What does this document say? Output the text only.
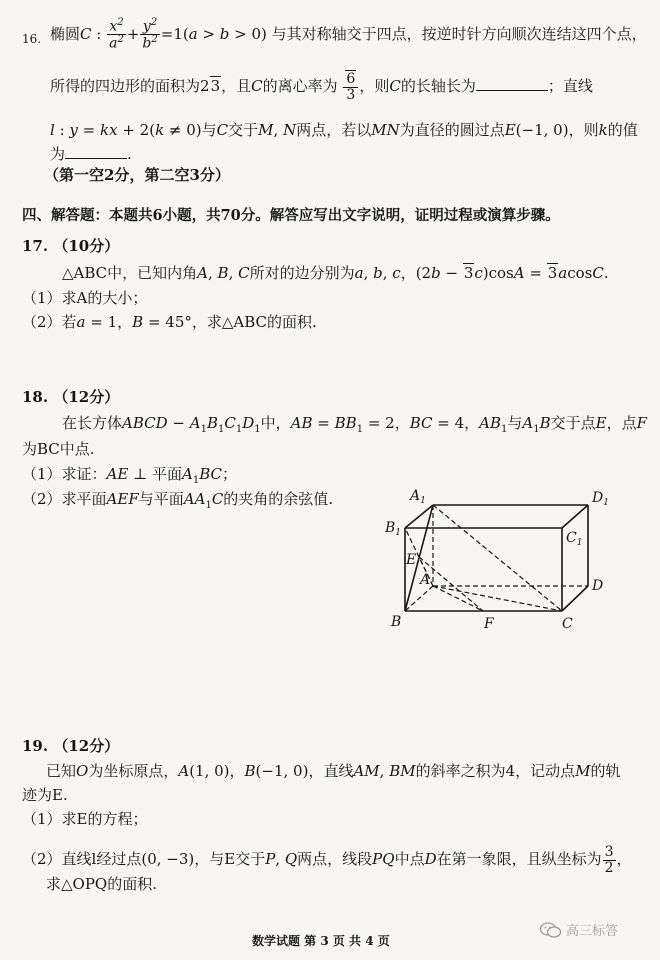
16. 椭圆C : $\frac{x^2}{a^2} + \frac{y^2}{b^2} =1(a > b > 0)$ 与其对称轴交于四点，按逆时针方向顺次连结这四个点，
所得的四边形的面积为23，且C的离心率为 $\frac{6}{3}$ ，则C的长轴长为	；直线
l : y = kx + 2(k ≠ 0)与C交于M, N两点，若以MN为直径的圆过点E(−1, 0)，则k的值
为	.
（第一空2分，第二空3分）
四、解答题：本题共6小题，共70分。解答应写出文字说明，证明过程或演算步骤。
17. （10分）
△ABC中，已知内角A, B, C所对的边分别为a, b, c，(2b − 3c)cosA = 3acosC.
（1）求A的大小；
（2）若a = 1，B = 45°，求△ABC的面积.
18. （12分）
在长方体ABCD − $A_1B_1C_1D_1$中，AB = $BB_1 = 2$，BC = 4，$AB_1$与$A_1B$交于点E，点F
为BC中点.
（1）求证：AE ⊥ 平面$A_1BC$；
（2）求平面AEF与平面$AA_1C$的夹角的余弦值.	$A_1$	$D_1$
$B_1$	$C_1$
E
A	D
B	F	C
19. （12分）
已知O为坐标原点，A(1, 0)，B(−1, 0)，直线AM, BM的斜率之积为4，记动点M的轨
迹为E.
（1）求E的方程；
（2）直线l经过点(0, −3)，与E交于P, Q两点，线段PQ中点D在第一象限，且纵坐标为 $\frac{3}{2}$ ，
求△OPQ的面积.
数学试题 第 3 页 共 4 页
高三标答
